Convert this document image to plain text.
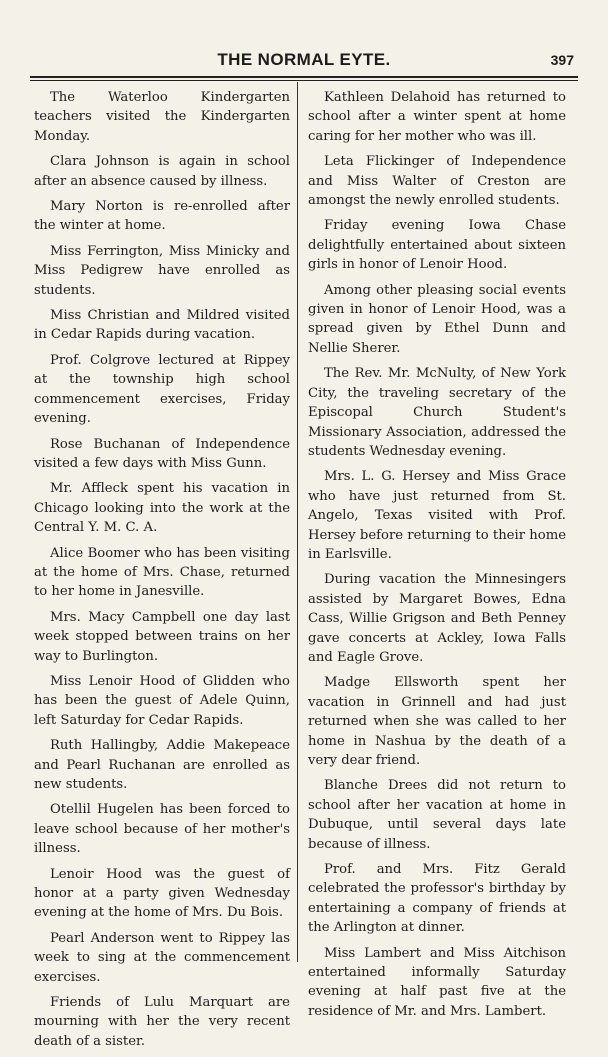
THE NORMAL EYTE.	397

The Waterloo Kindergarten teachers visited the Kindergarten Monday.

Clara Johnson is again in school after an absence caused by illness.

Mary Norton is re-enrolled after the winter at home.

Miss Ferrington, Miss Minicky and Miss Pedigrew have enrolled as students.

Miss Christian and Mildred visited in Cedar Rapids during vacation.

Prof. Colgrove lectured at Rippey at the township high school commencement exercises, Friday evening.

Rose Buchanan of Independence visited a few days with Miss Gunn.

Mr. Affleck spent his vacation in Chicago looking into the work at the Central Y. M. C. A.

Alice Boomer who has been visiting at the home of Mrs. Chase, returned to her home in Janesville.

Mrs. Macy Campbell one day last week stopped between trains on her way to Burlington.

Miss Lenoir Hood of Glidden who has been the guest of Adele Quinn, left Saturday for Cedar Rapids.

Ruth Hallingby, Addie Makepeace and Pearl Ruchanan are enrolled as new students.

Otellil Hugelen has been forced to leave school because of her mother's illness.

Lenoir Hood was the guest of honor at a party given Wednesday evening at the home of Mrs. Du Bois.

Pearl Anderson went to Rippey las week to sing at the commencement exercises.

Friends of Lulu Marquart are mourning with her the very recent death of a sister.

Kathleen Delahoid has returned to school after a winter spent at home caring for her mother who was ill.

Leta Flickinger of Independence and Miss Walter of Creston are amongst the newly enrolled students.

Friday evening Iowa Chase delightfully entertained about sixteen girls in honor of Lenoir Hood.

Among other pleasing social events given in honor of Lenoir Hood, was a spread given by Ethel Dunn and Nellie Sherer.

The Rev. Mr. McNulty, of New York City, the traveling secretary of the Episcopal Church Student's Missionary Association, addressed the students Wednesday evening.

Mrs. L. G. Hersey and Miss Grace who have just returned from St. Angelo, Texas visited with Prof. Hersey before returning to their home in Earlsville.

During vacation the Minnesingers assisted by Margaret Bowes, Edna Cass, Willie Grigson and Beth Penney gave concerts at Ackley, Iowa Falls and Eagle Grove.

Madge Ellsworth spent her vacation in Grinnell and had just returned when she was called to her home in Nashua by the death of a very dear friend.

Blanche Drees did not return to school after her vacation at home in Dubuque, until several days late because of illness.

Prof. and Mrs. Fitz Gerald celebrated the professor's birthday by entertaining a company of friends at the Arlington at dinner.

Miss Lambert and Miss Aitchison entertained informally Saturday evening at half past five at the residence of Mr. and Mrs. Lambert.
